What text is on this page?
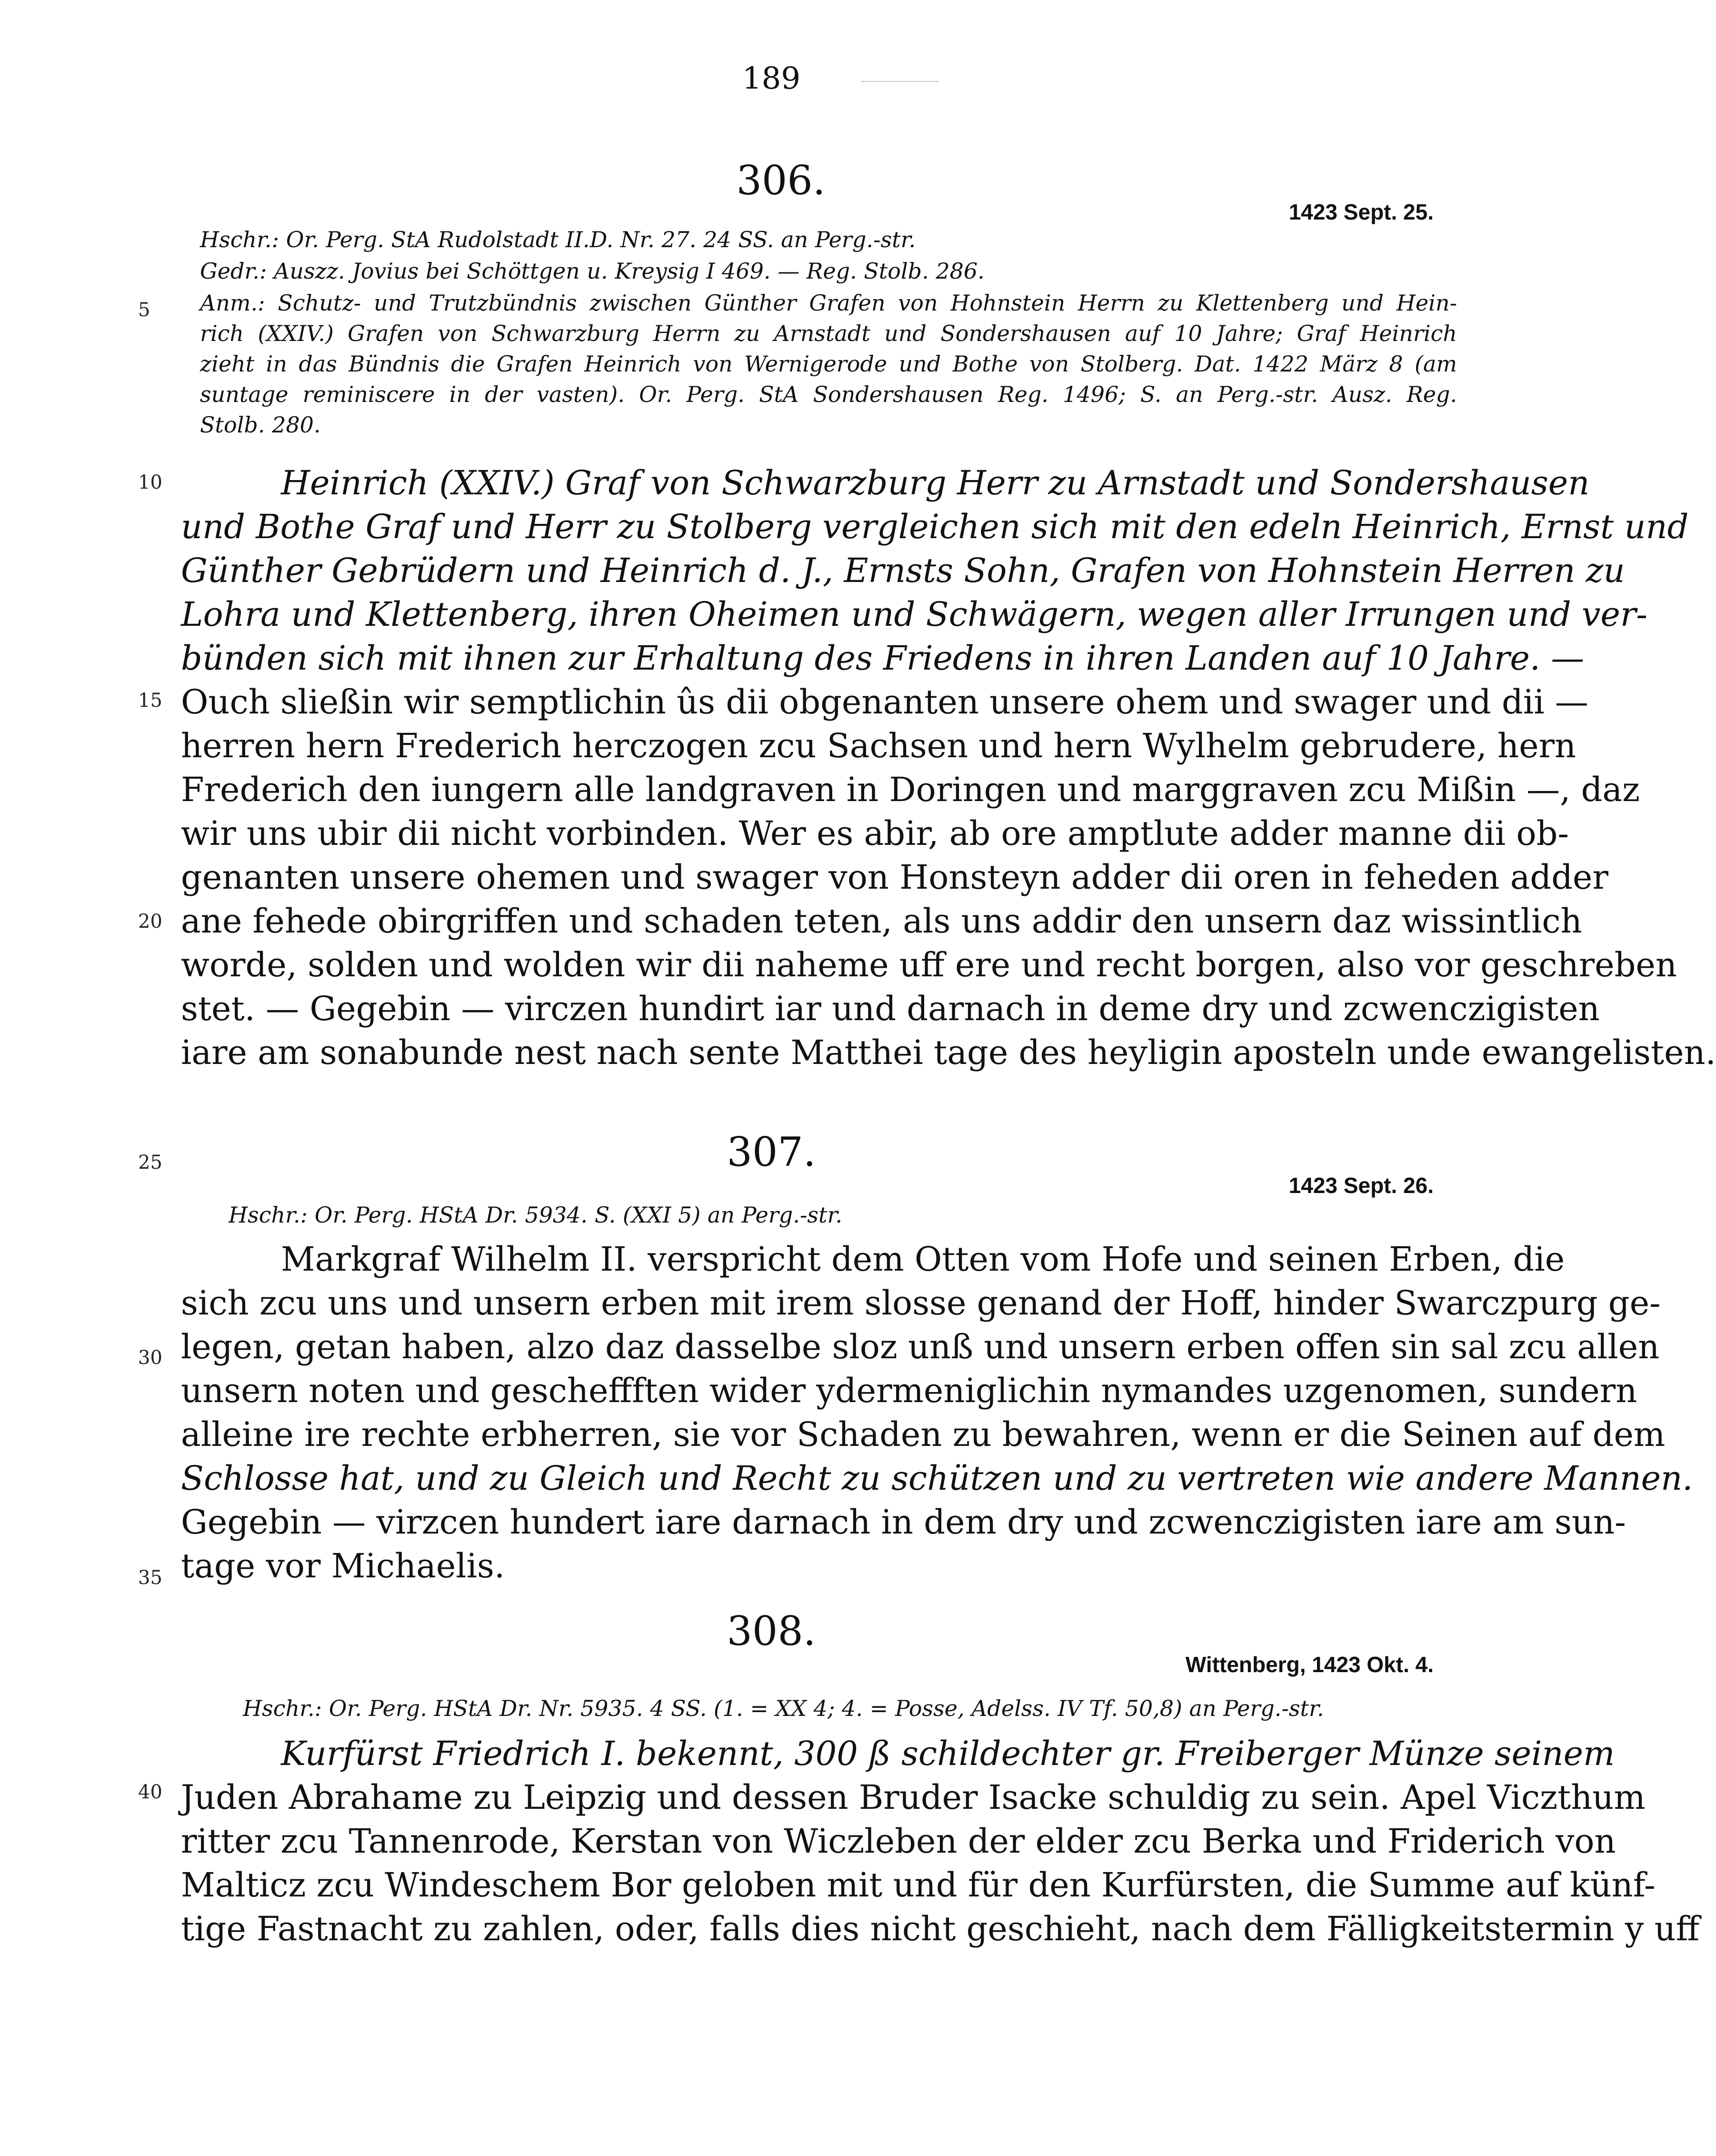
189
306.
1423 Sept. 25.
Hschr.: Or. Perg. StA Rudolstadt II.D. Nr. 27. 24 SS. an Perg.-str.
Gedr.: Auszz. Jovius bei Schöttgen u. Kreysig I 469. — Reg. Stolb. 286.
Anm.: Schutz- und Trutzbündnis zwischen Günther Grafen von Hohnstein Herrn zu Klettenberg und Hein-
rich (XXIV.) Grafen von Schwarzburg Herrn zu Arnstadt und Sondershausen auf 10 Jahre; Graf Heinrich
zieht in das Bündnis die Grafen Heinrich von Wernigerode und Bothe von Stolberg. Dat. 1422 März 8 (am
suntage reminiscere in der vasten). Or. Perg. StA Sondershausen Reg. 1496; S. an Perg.-str. Ausz. Reg.
Stolb. 280.
Heinrich (XXIV.) Graf von Schwarzburg Herr zu Arnstadt und Sondershausen
und Bothe Graf und Herr zu Stolberg vergleichen sich mit den edeln Heinrich, Ernst und
Günther Gebrüdern und Heinrich d. J., Ernsts Sohn, Grafen von Hohnstein Herren zu
Lohra und Klettenberg, ihren Oheimen und Schwägern, wegen aller Irrungen und ver-
bünden sich mit ihnen zur Erhaltung des Friedens in ihren Landen auf 10 Jahre. —
Ouch sließin wir semptlichin ûs dii obgenanten unsere ohem und swager und dii —
herren hern Frederich herczogen zcu Sachsen und hern Wylhelm gebrudere, hern
Frederich den iungern alle landgraven in Doringen und marggraven zcu Mißin —, daz
wir uns ubir dii nicht vorbinden. Wer es abir, ab ore amptlute adder manne dii ob-
genanten unsere ohemen und swager von Honsteyn adder dii oren in feheden adder
ane fehede obirgriffen und schaden teten, als uns addir den unsern daz wissintlich
worde, solden und wolden wir dii naheme uff ere und recht borgen, also vor geschreben
stet. — Gegebin — virczen hundirt iar und darnach in deme dry und zcwenczigisten
iare am sonabunde nest nach sente Matthei tage des heyligin aposteln unde ewangelisten.
307.
1423 Sept. 26.
Hschr.: Or. Perg. HStA Dr. 5934. S. (XXI 5) an Perg.-str.
Markgraf Wilhelm II. verspricht dem Otten vom Hofe und seinen Erben, die
sich zcu uns und unsern erben mit irem slosse genand der Hoff, hinder Swarczpurg ge-
legen, getan haben, alzo daz dasselbe sloz unß und unsern erben offen sin sal zcu allen
unsern noten und gescheffften wider ydermeniglichin nymandes uzgenomen, sundern
alleine ire rechte erbherren, sie vor Schaden zu bewahren, wenn er die Seinen auf dem
Schlosse hat, und zu Gleich und Recht zu schützen und zu vertreten wie andere Mannen.
Gegebin — virzcen hundert iare darnach in dem dry und zcwenczigisten iare am sun-
tage vor Michaelis.
308.
Wittenberg, 1423 Okt. 4.
Hschr.: Or. Perg. HStA Dr. Nr. 5935. 4 SS. (1. = XX 4; 4. = Posse, Adelss. IV Tf. 50,8) an Perg.-str.
Kurfürst Friedrich I. bekennt, 300 ß schildechter gr. Freiberger Münze seinem
Juden Abrahame zu Leipzig und dessen Bruder Isacke schuldig zu sein. Apel Viczthum
ritter zcu Tannenrode, Kerstan von Wiczleben der elder zcu Berka und Friderich von
Malticz zcu Windeschem Bor geloben mit und für den Kurfürsten, die Summe auf künf-
tige Fastnacht zu zahlen, oder, falls dies nicht geschieht, nach dem Fälligkeitstermin y uff
5
10
15
20
25
30
35
40
